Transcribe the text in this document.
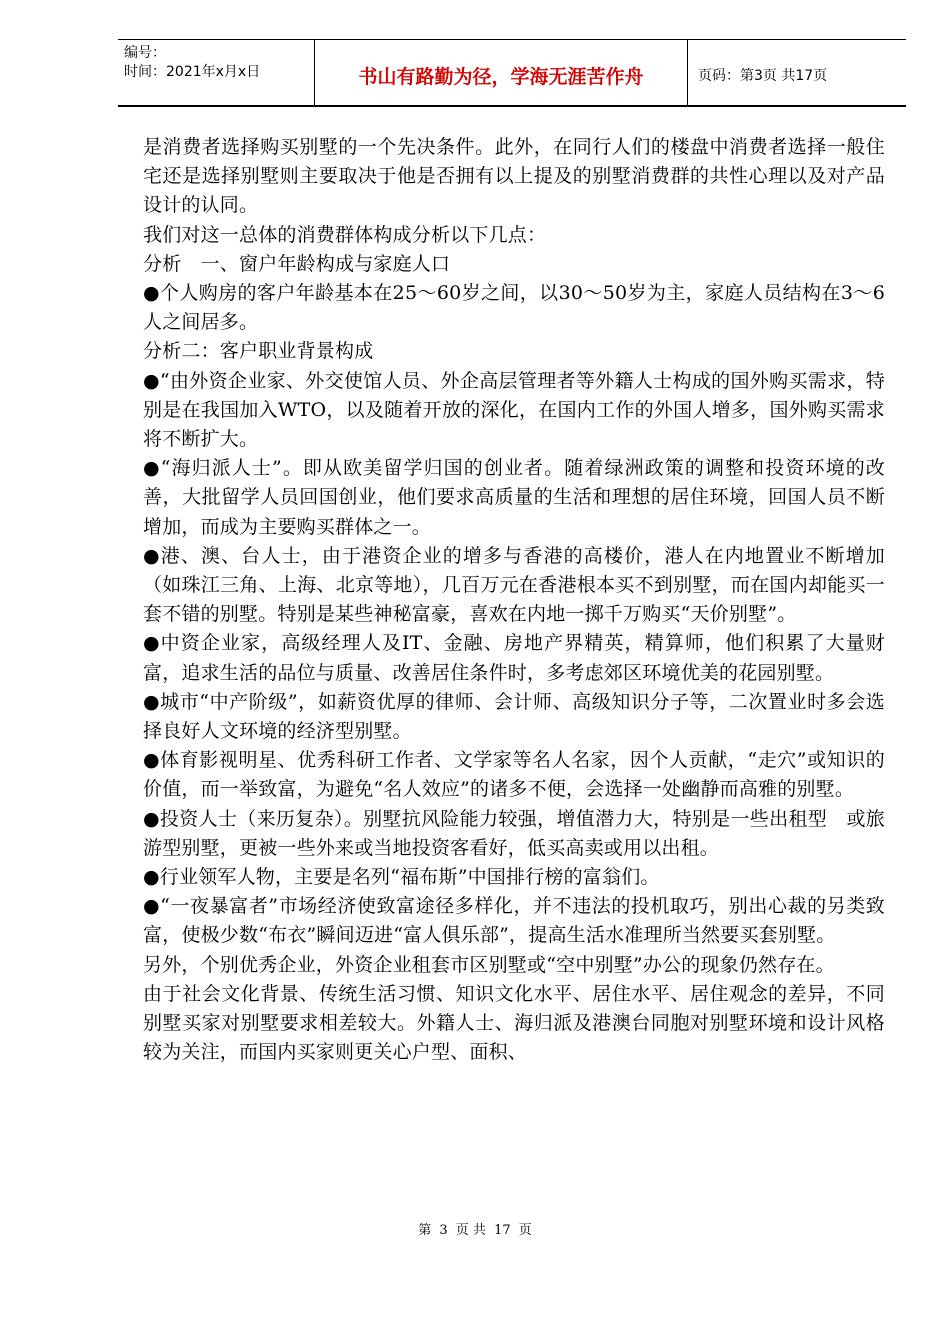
编号：
时间：2021年x月x日	书山有路勤为径，学海无涯苦作舟	页码：第3页 共17页

是消费者选择购买别墅的一个先决条件。此外，在同行人们的楼盘中消费者选择一般住宅还是选择别墅则主要取决于他是否拥有以上提及的别墅消费群的共性心理以及对产品设计的认同。

我们对这一总体的消费群体构成分析以下几点：

分析　一、窗户年龄构成与家庭人口

●个人购房的客户年龄基本在25～60岁之间，以30～50岁为主，家庭人员结构在3～6人之间居多。

分析二：客户职业背景构成

●“由外资企业家、外交使馆人员、外企高层管理者等外籍人士构成的国外购买需求，特别是在我国加入WTO，以及随着开放的深化，在国内工作的外国人增多，国外购买需求将不断扩大。

●“海归派人士”。即从欧美留学归国的创业者。随着绿洲政策的调整和投资环境的改善，大批留学人员回国创业，他们要求高质量的生活和理想的居住环境，回国人员不断增加，而成为主要购买群体之一。

●港、澳、台人士，由于港资企业的增多与香港的高楼价，港人在内地置业不断增加（如珠江三角、上海、北京等地），几百万元在香港根本买不到别墅，而在国内却能买一套不错的别墅。特别是某些神秘富豪，喜欢在内地一掷千万购买“天价别墅”。

●中资企业家，高级经理人及IT、金融、房地产界精英，精算师，他们积累了大量财富，追求生活的品位与质量、改善居住条件时，多考虑郊区环境优美的花园别墅。

●城市“中产阶级”，如薪资优厚的律师、会计师、高级知识分子等，二次置业时多会选择良好人文环境的经济型别墅。

●体育影视明星、优秀科研工作者、文学家等名人名家，因个人贡献，“走穴”或知识的价值，而一举致富，为避免“名人效应”的诸多不便，会选择一处幽静而高雅的别墅。

●投资人士（来历复杂）。别墅抗风险能力较强，增值潜力大，特别是一些出租型　或旅游型别墅，更被一些外来或当地投资客看好，低买高卖或用以出租。

●行业领军人物，主要是名列“福布斯”中国排行榜的富翁们。

●“一夜暴富者”市场经济使致富途径多样化，并不违法的投机取巧，别出心裁的另类致富，使极少数“布衣”瞬间迈进“富人俱乐部”，提高生活水准理所当然要买套别墅。

另外，个别优秀企业，外资企业租套市区别墅或“空中别墅”办公的现象仍然存在。

由于社会文化背景、传统生活习惯、知识文化水平、居住水平、居住观念的差异，不同别墅买家对别墅要求相差较大。外籍人士、海归派及港澳台同胞对别墅环境和设计风格较为关注，而国内买家则更关心户型、面积、

第 3 页 共 17 页
